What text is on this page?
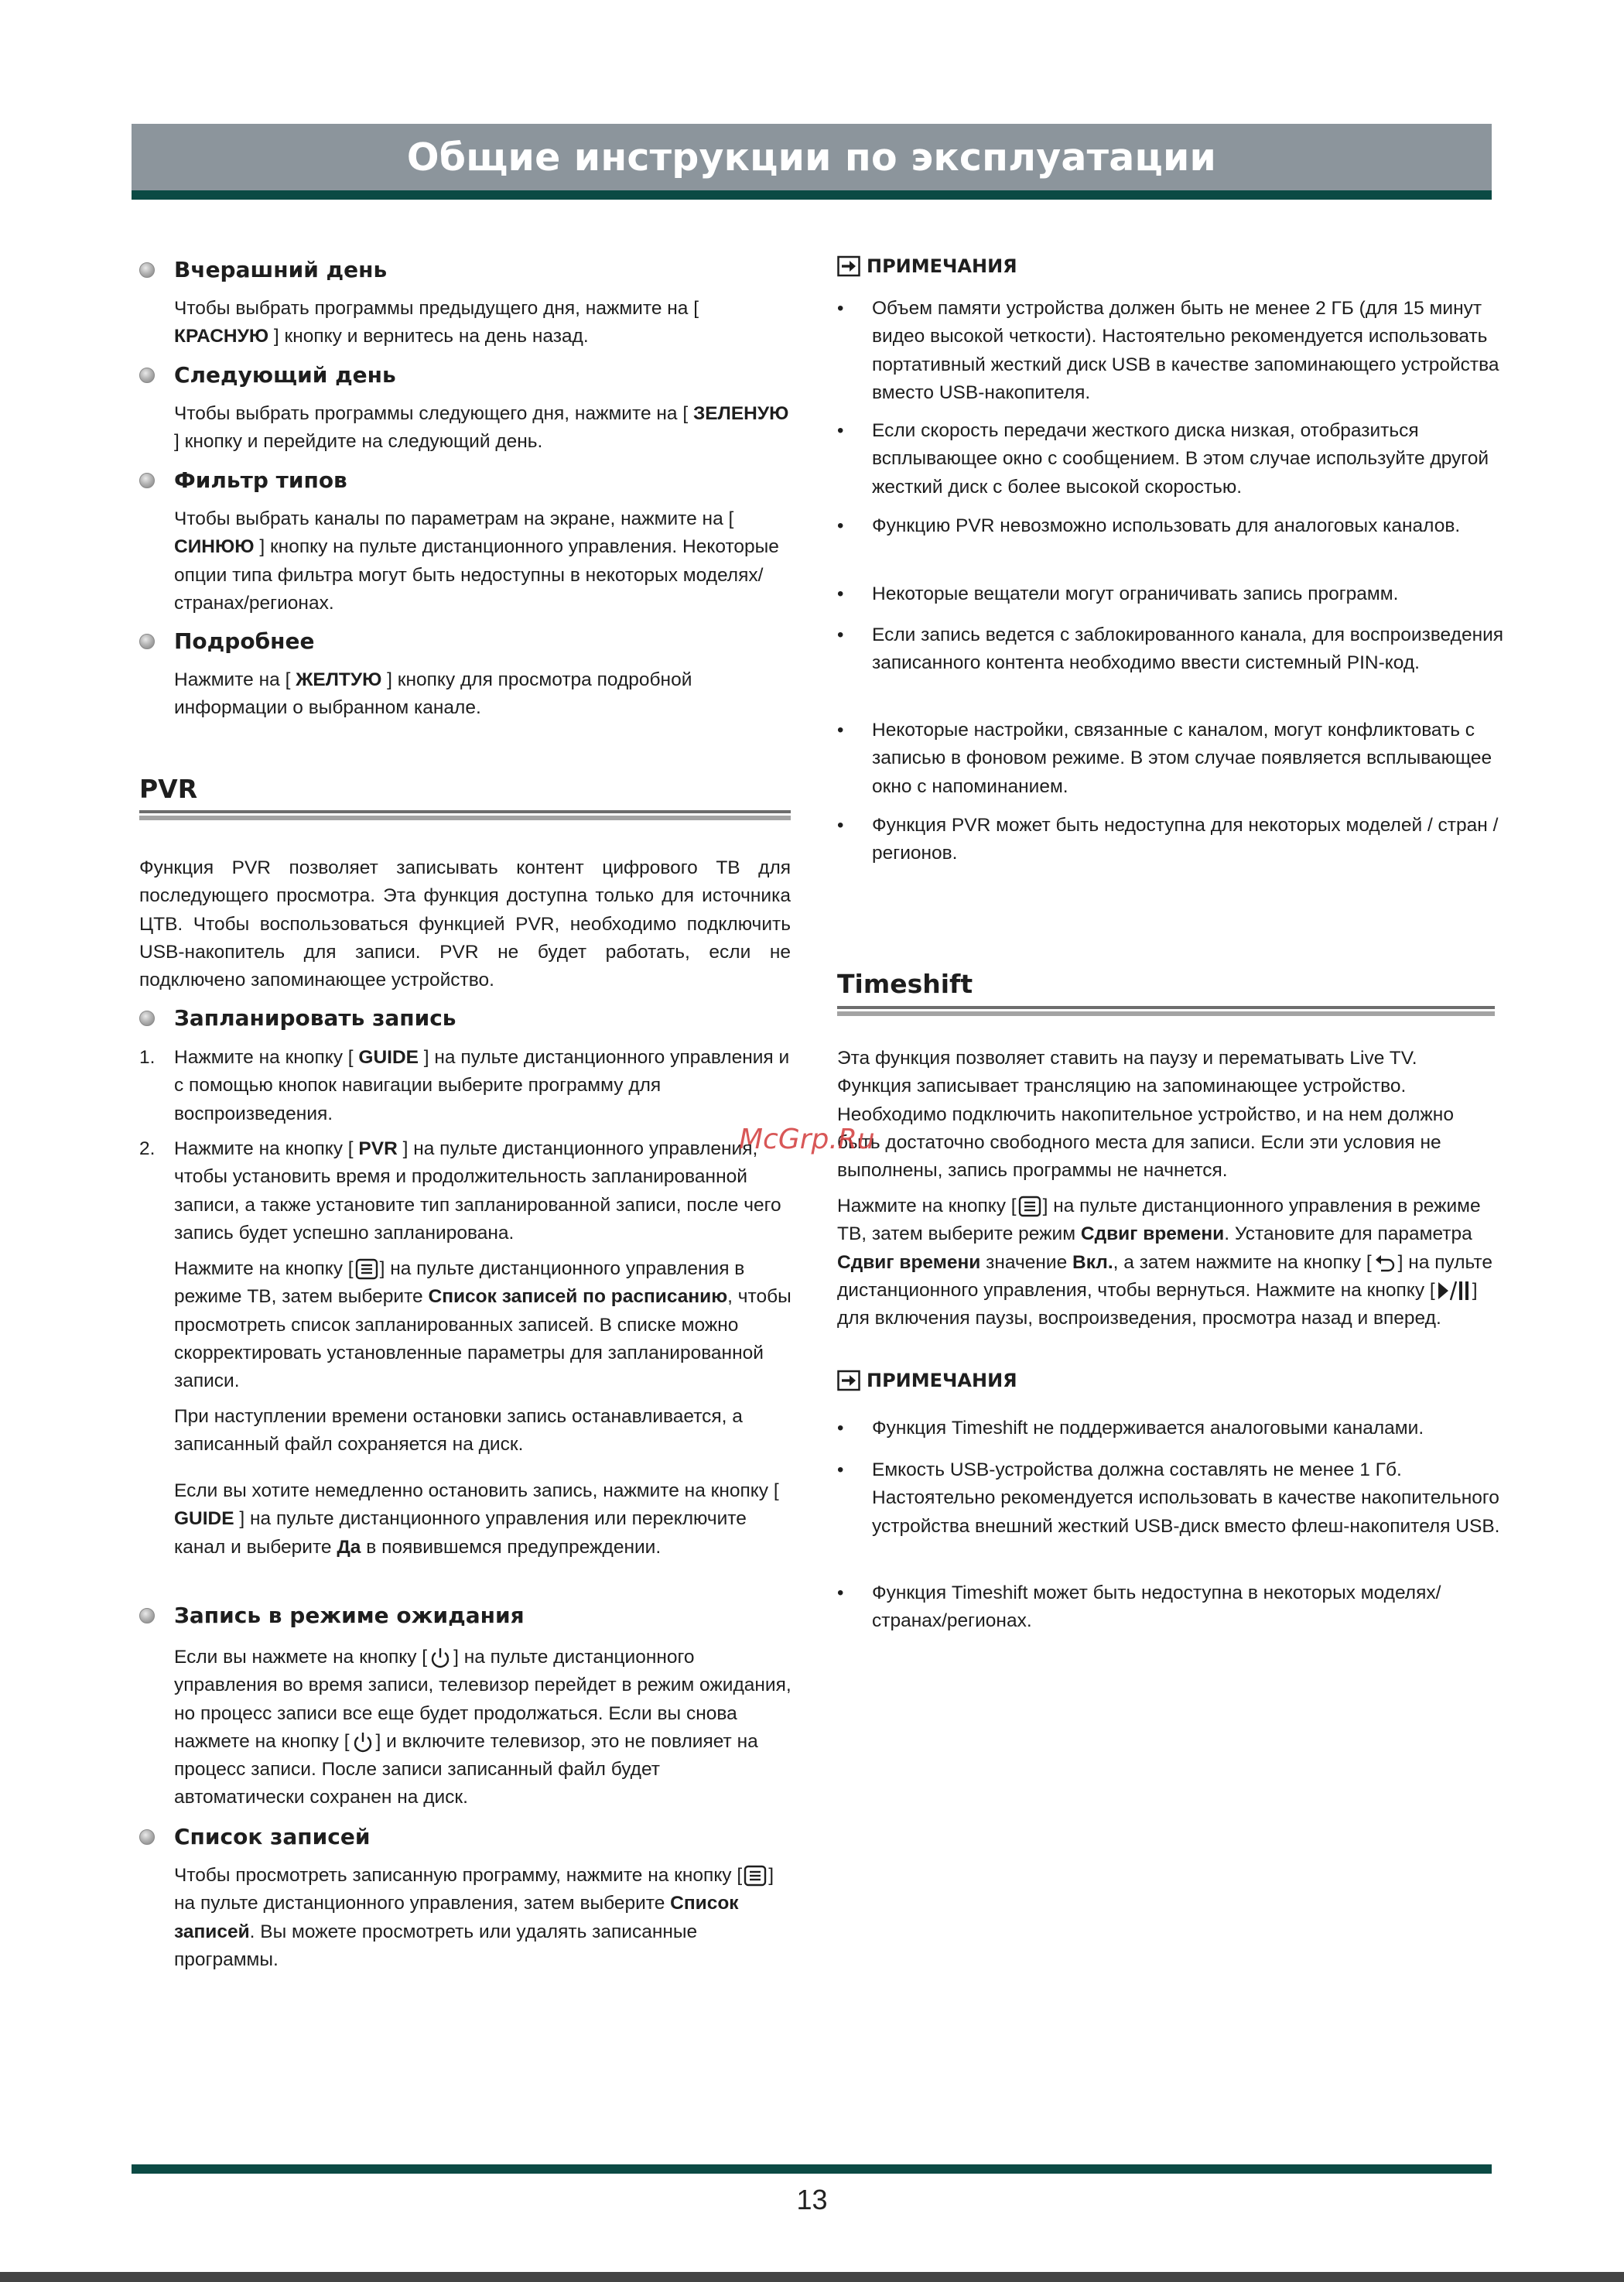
Общие инструкции по эксплуатации
Вчерашний день

Чтобы выбрать программы предыдущего дня, нажмите на [ КРАСНУЮ ] кнопку и вернитесь на день назад.

Следующий день

Чтобы выбрать программы следующего дня, нажмите на [ ЗЕЛЕНУЮ ] кнопку и перейдите на следующий день.

Фильтр типов

Чтобы выбрать каналы по параметрам на экране, нажмите на [ СИНЮЮ ] кнопку на пульте дистанционного управления. Некоторые опции типа фильтра могут быть недоступны в некоторых моделях/странах/регионах.

Подробнее

Нажмите на [ ЖЕЛТУЮ ] кнопку для просмотра подробной информации о выбранном канале.

PVR

Функция PVR позволяет записывать контент цифрового ТВ для последующего просмотра. Эта функция доступна только для источника ЦТВ. Чтобы воспользоваться функцией PVR, необходимо подключить USB-накопитель для записи. PVR не будет работать, если не подключено запоминающее устройство.

Запланировать запись
1. Нажмите на кнопку [ GUIDE ] на пульте дистанционного управления и с помощью кнопок навигации выберите программу для воспроизведения.

2. Нажмите на кнопку [ PVR ] на пульте дистанционного управления, чтобы установить время и продолжительность запланированной записи, а также установите тип запланированной записи, после чего запись будет успешно запланирована.

Нажмите на кнопку [ ] на пульте дистанционного управления в режиме ТВ, затем выберите Список записей по расписанию, чтобы просмотреть список запланированных записей. В списке можно скорректировать установленные параметры для запланированной записи.

При наступлении времени остановки запись останавливается, а записанный файл сохраняется на диск.

Если вы хотите немедленно остановить запись, нажмите на кнопку [ GUIDE ] на пульте дистанционного управления или переключите канал и выберите Да в появившемся предупреждении.

Запись в режиме ожидания

Если вы нажмете на кнопку [ ] на пульте дистанционного управления во время записи, телевизор перейдет в режим ожидания, но процесс записи все еще будет продолжаться. Если вы снова нажмете на кнопку [ ] и включите телевизор, это не повлияет на процесс записи. После записи записанный файл будет автоматически сохранен на диск.

Список записей

Чтобы просмотреть записанную программу, нажмите на кнопку [ ] на пульте дистанционного управления, затем выберите Список записей. Вы можете просмотреть или удалять записанные программы.

ПРИМЕЧАНИЯ
• Объем памяти устройства должен быть не менее 2 ГБ (для 15 минут видео высокой четкости). Настоятельно рекомендуется использовать портативный жесткий диск USB в качестве запоминающего устройства вместо USB-накопителя.

• Если скорость передачи жесткого диска низкая, отобразиться всплывающее окно с сообщением. В этом случае используйте другой жесткий диск с более высокой скоростью.

• Функцию PVR невозможно использовать для аналоговых каналов.

• Некоторые вещатели могут ограничивать запись программ.

• Если запись ведется с заблокированного канала, для воспроизведения записанного контента необходимо ввести системный PIN-код.

• Некоторые настройки, связанные с каналом, могут конфликтовать с записью в фоновом режиме. В этом случае появляется всплывающее окно с напоминанием.

• Функция PVR может быть недоступна для некоторых моделей / стран / регионов.

Timeshift

Эта функция позволяет ставить на паузу и перематывать Live TV. Функция записывает трансляцию на запоминающее устройство. Необходимо подключить накопительное устройство, и на нем должно быть достаточно свободного места для записи. Если эти условия не выполнены, запись программы не начнется.

Нажмите на кнопку [ ] на пульте дистанционного управления в режиме ТВ, затем выберите режим Сдвиг времени. Установите для параметра Сдвиг времени значение Вкл., а затем нажмите на кнопку [ ] на пульте дистанционного управления, чтобы вернуться. Нажмите на кнопку [ ] для включения паузы, воспроизведения, просмотра назад и вперед.

ПРИМЕЧАНИЯ
• Функция Timeshift не поддерживается аналоговыми каналами.

• Емкость USB-устройства должна составлять не менее 1 Гб. Настоятельно рекомендуется использовать в качестве накопительного устройства внешний жесткий USB-диск вместо флеш-накопителя USB.

• Функция Timeshift может быть недоступна в некоторых моделях/ странах/регионах.

McGrp.Ru
13
